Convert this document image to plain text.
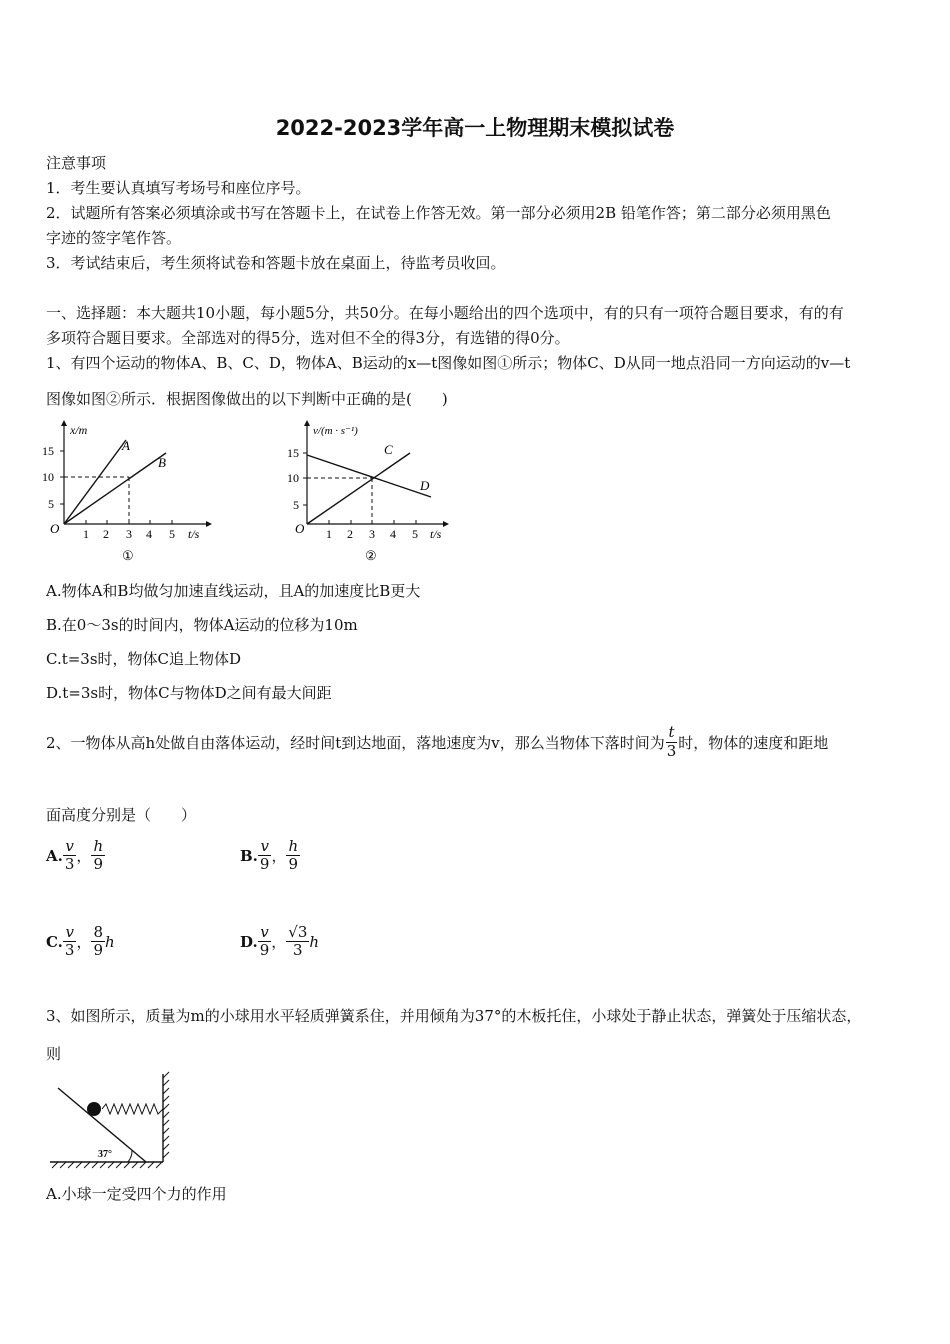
2022-2023学年高一上物理期末模拟试卷
注意事项
1．考生要认真填写考场号和座位序号。
2．试题所有答案必须填涂或书写在答题卡上，在试卷上作答无效。第一部分必须用2B 铅笔作答；第二部分必须用黑色
字迹的签字笔作答。
3．考试结束后，考生须将试卷和答题卡放在桌面上，待监考员收回。
一、选择题：本大题共10小题，每小题5分，共50分。在每小题给出的四个选项中，有的只有一项符合题目要求，有的有
多项符合题目要求。全部选对的得5分，选对但不全的得3分，有选错的得0分。
1、有四个运动的物体A、B、C、D，物体A、B运动的x—t图像如图①所示；物体C、D从同一地点沿同一方向运动的v—t
图像如图②所示．根据图像做出的以下判断中正确的是(　　)
x/m
15
10
5
O 1 2 3 4 5 t/s
A
B
①
v/(m · s⁻¹)
15
10
5
O 1 2 3 4 5 t/s
C
D
②
A.物体A和B均做匀加速直线运动，且A的加速度比B更大
B.在0～3s的时间内，物体A运动的位移为10m
C.t=3s时，物体C追上物体D
D.t=3s时，物体C与物体D之间有最大间距
2、一物体从高h处做自由落体运动，经时间t到达地面，落地速度为v，那么当物体下落时间为 $\frac{t}{3}$ 时，物体的速度和距地
面高度分别是（　　）
A. $\frac{v}{3}$ ， $\frac{h}{9}$	B. $\frac{v}{9}$ ， $\frac{h}{9}$
C. $\frac{v}{3}$ ， $\frac{8}{9}$ h	D. $\frac{v}{9}$ ， $\frac{√3}{3}$ h
3、如图所示，质量为m的小球用水平轻质弹簧系住，并用倾角为37°的木板托住，小球处于静止状态，弹簧处于压缩状态，
则
37°
A.小球一定受四个力的作用
